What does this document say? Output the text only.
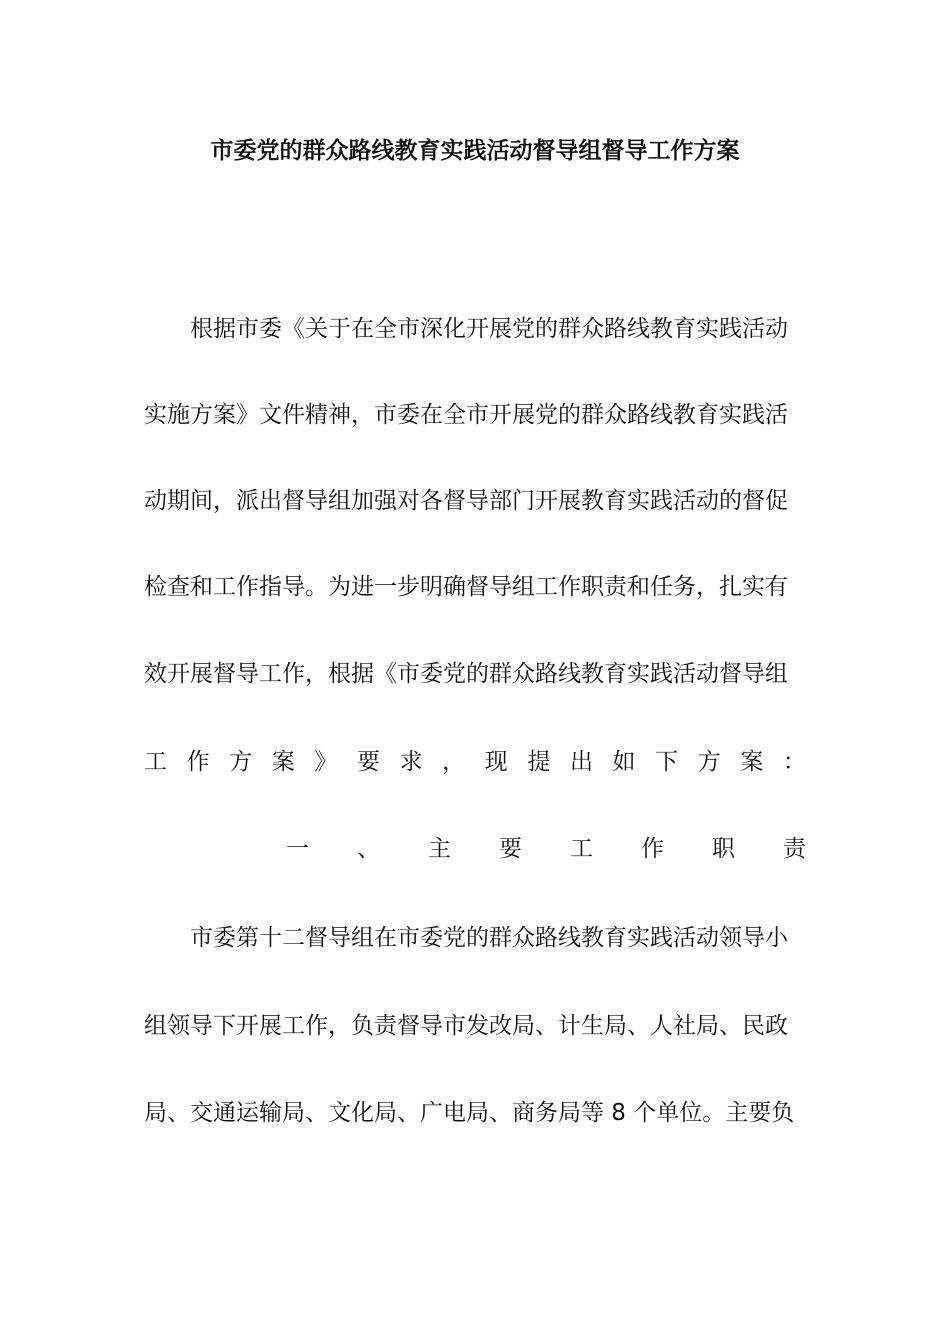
市委党的群众路线教育实践活动督导组督导工作方案
根据市委《关于在全市深化开展党的群众路线教育实践活动
实施方案》文件精神，市委在全市开展党的群众路线教育实践活
动期间，派出督导组加强对各督导部门开展教育实践活动的督促
检查和工作指导。为进一步明确督导组工作职责和任务，扎实有
效开展督导工作，根据《市委党的群众路线教育实践活动督导组
工 作 方 案 》 要 求 ， 现 提 出 如 下 方 案 ：
一 、 主 要 工 作 职 责
市委第十二督导组在市委党的群众路线教育实践活动领导小
组领导下开展工作，负责督导市发改局、计生局、人社局、民政
局、交通运输局、文化局、广电局、商务局等 8 个单位。主要负
